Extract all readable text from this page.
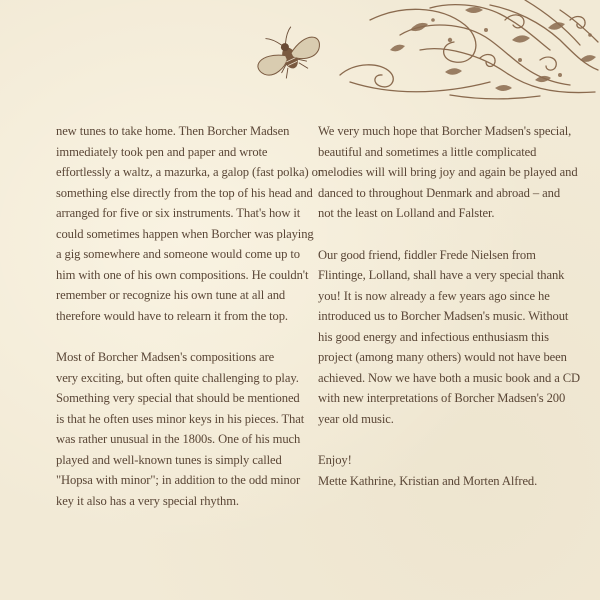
new tunes to take home. Then Borcher Madsen
immediately took pen and paper and wrote
effortlessly a waltz, a mazurka, a galop (fast polka) or
something else directly from the top of his head and
arranged for five or six instruments. That's how it
could sometimes happen when Borcher was playing
a gig somewhere and someone would come up to
him with one of his own compositions. He couldn't
remember or recognize his own tune at all and
therefore would have to relearn it from the top.

Most of Borcher Madsen's compositions are
very exciting, but often quite challenging to play.
Something very special that should be mentioned
is that he often uses minor keys in his pieces. That
was rather unusual in the 1800s. One of his much
played and well-known tunes is simply called
"Hopsa with minor"; in addition to the odd minor
key it also has a very special rhythm.

We very much hope that Borcher Madsen's special,
beautiful and sometimes a little complicated
melodies will will bring joy and again be played and
danced to throughout Denmark and abroad – and
not the least on Lolland and Falster.

Our good friend, fiddler Frede Nielsen from
Flintinge, Lolland, shall have a very special thank
you! It is now already a few years ago since he
introduced us to Borcher Madsen's music. Without
his good energy and infectious enthusiasm this
project (among many others) would not have been
achieved. Now we have both a music book and a CD
with new interpretations of Borcher Madsen's 200
year old music.

Enjoy!

Mette Kathrine, Kristian and Morten Alfred.
